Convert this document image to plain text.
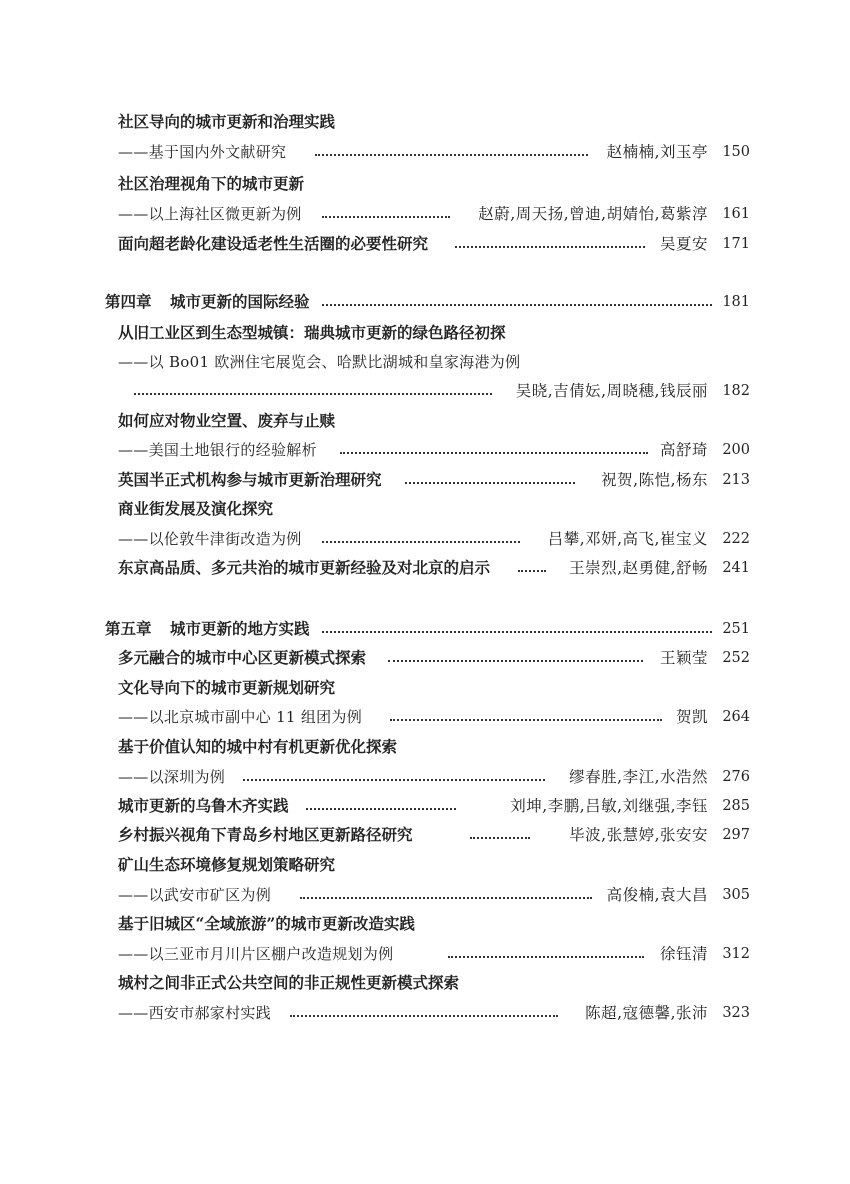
社区导向的城市更新和治理实践
——基于国内外文献研究	赵楠楠,刘玉亭 150
社区治理视角下的城市更新
——以上海社区微更新为例	赵蔚,周天扬,曾迪,胡婧怡,葛紫淳 161
面向超老龄化建设适老性生活圈的必要性研究	吴夏安 171
第四章 城市更新的国际经验	181
从旧工业区到生态型城镇：瑞典城市更新的绿色路径初探
——以 Bo01 欧洲住宅展览会、哈默比湖城和皇家海港为例
吴晓,吉倩妘,周晓穗,钱辰丽 182
如何应对物业空置、废弃与止赎
——美国土地银行的经验解析	高舒琦 200
英国半正式机构参与城市更新治理研究	祝贺,陈恺,杨东 213
商业街发展及演化探究
——以伦敦牛津街改造为例	吕攀,邓妍,高飞,崔宝义 222
东京高品质、多元共治的城市更新经验及对北京的启示	王崇烈,赵勇健,舒畅 241
第五章 城市更新的地方实践	251
多元融合的城市中心区更新模式探索	王颖莹 252
文化导向下的城市更新规划研究
——以北京城市副中心 11 组团为例	贺凯 264
基于价值认知的城中村有机更新优化探索
——以深圳为例	缪春胜,李江,水浩然 276
城市更新的乌鲁木齐实践	刘坤,李鹏,吕敏,刘继强,李钰 285
乡村振兴视角下青岛乡村地区更新路径研究	毕波,张慧婷,张安安 297
矿山生态环境修复规划策略研究
——以武安市矿区为例	高俊楠,袁大昌 305
基于旧城区“全域旅游”的城市更新改造实践
——以三亚市月川片区棚户改造规划为例	徐钰清 312
城村之间非正式公共空间的非正规性更新模式探索
——西安市郝家村实践	陈超,寇德馨,张沛 323
